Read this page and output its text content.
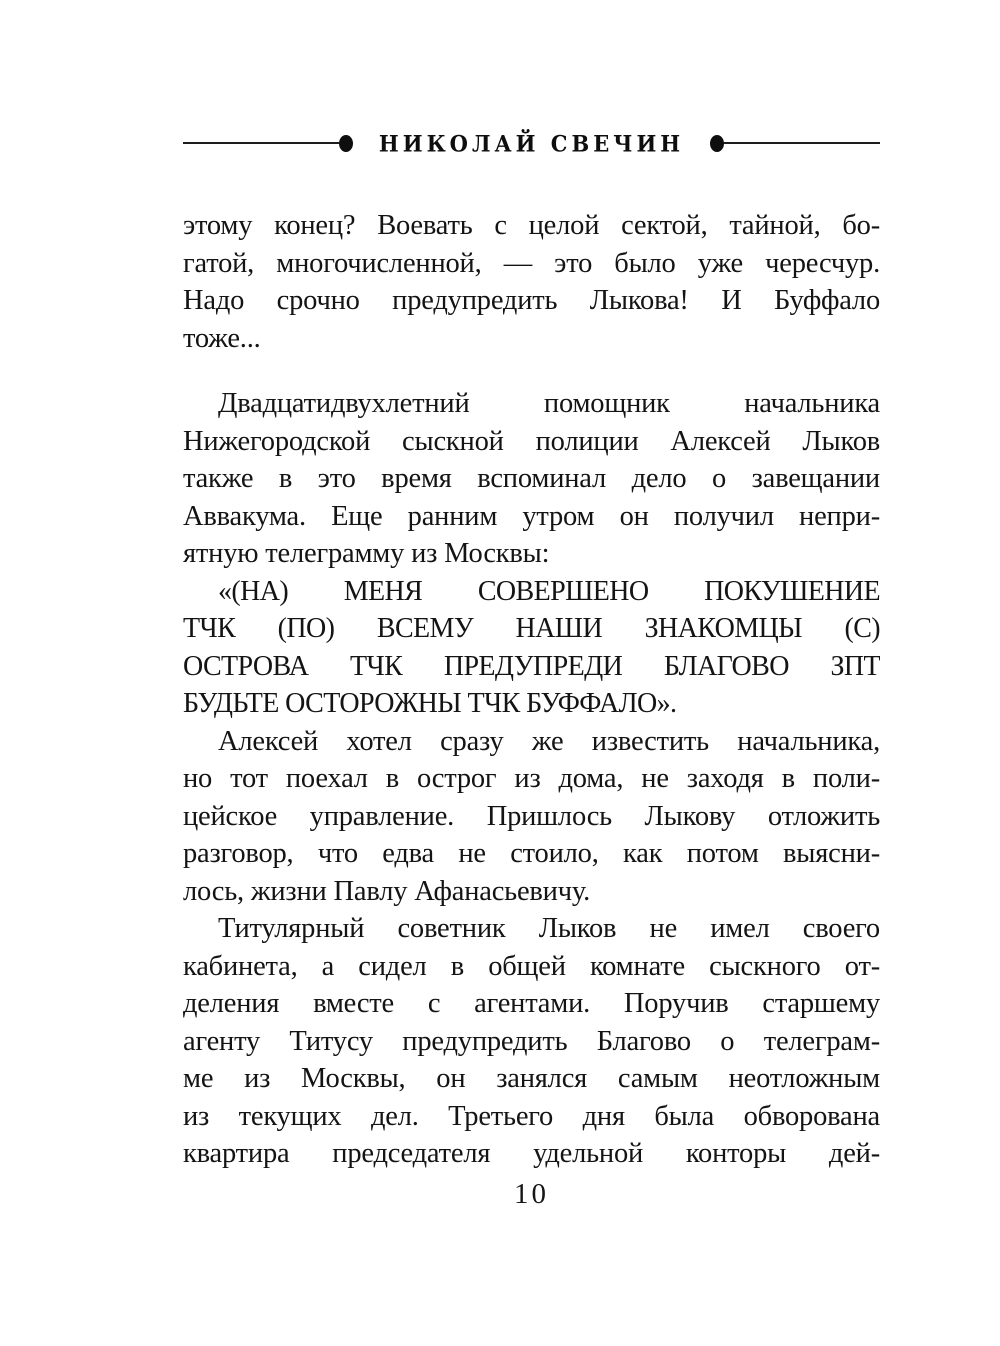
НИКОЛАЙ СВЕЧИН
этому конец? Воевать с целой сектой, тайной, бо-
гатой, многочисленной, — это было уже чересчур.
Надо срочно предупредить Лыкова! И Буффало
тоже...
Двадцатидвухлетний помощник начальника
Нижегородской сыскной полиции Алексей Лыков
также в это время вспоминал дело о завещании
Аввакума. Еще ранним утром он получил непри-
ятную телеграмму из Москвы:
«(НА) МЕНЯ СОВЕРШЕНО ПОКУШЕНИЕ
ТЧК (ПО) ВСЕМУ НАШИ ЗНАКОМЦЫ (С)
ОСТРОВА ТЧК ПРЕДУПРЕДИ БЛАГОВО ЗПТ
БУДЬТЕ ОСТОРОЖНЫ ТЧК БУФФАЛО».
Алексей хотел сразу же известить начальника,
но тот поехал в острог из дома, не заходя в поли-
цейское управление. Пришлось Лыкову отложить
разговор, что едва не стоило, как потом выясни-
лось, жизни Павлу Афанасьевичу.
Титулярный советник Лыков не имел своего
кабинета, а сидел в общей комнате сыскного от-
деления вместе с агентами. Поручив старшему
агенту Титусу предупредить Благово о телеграм-
ме из Москвы, он занялся самым неотложным
из текущих дел. Третьего дня была обворована
квартира председателя удельной конторы дей-
10
